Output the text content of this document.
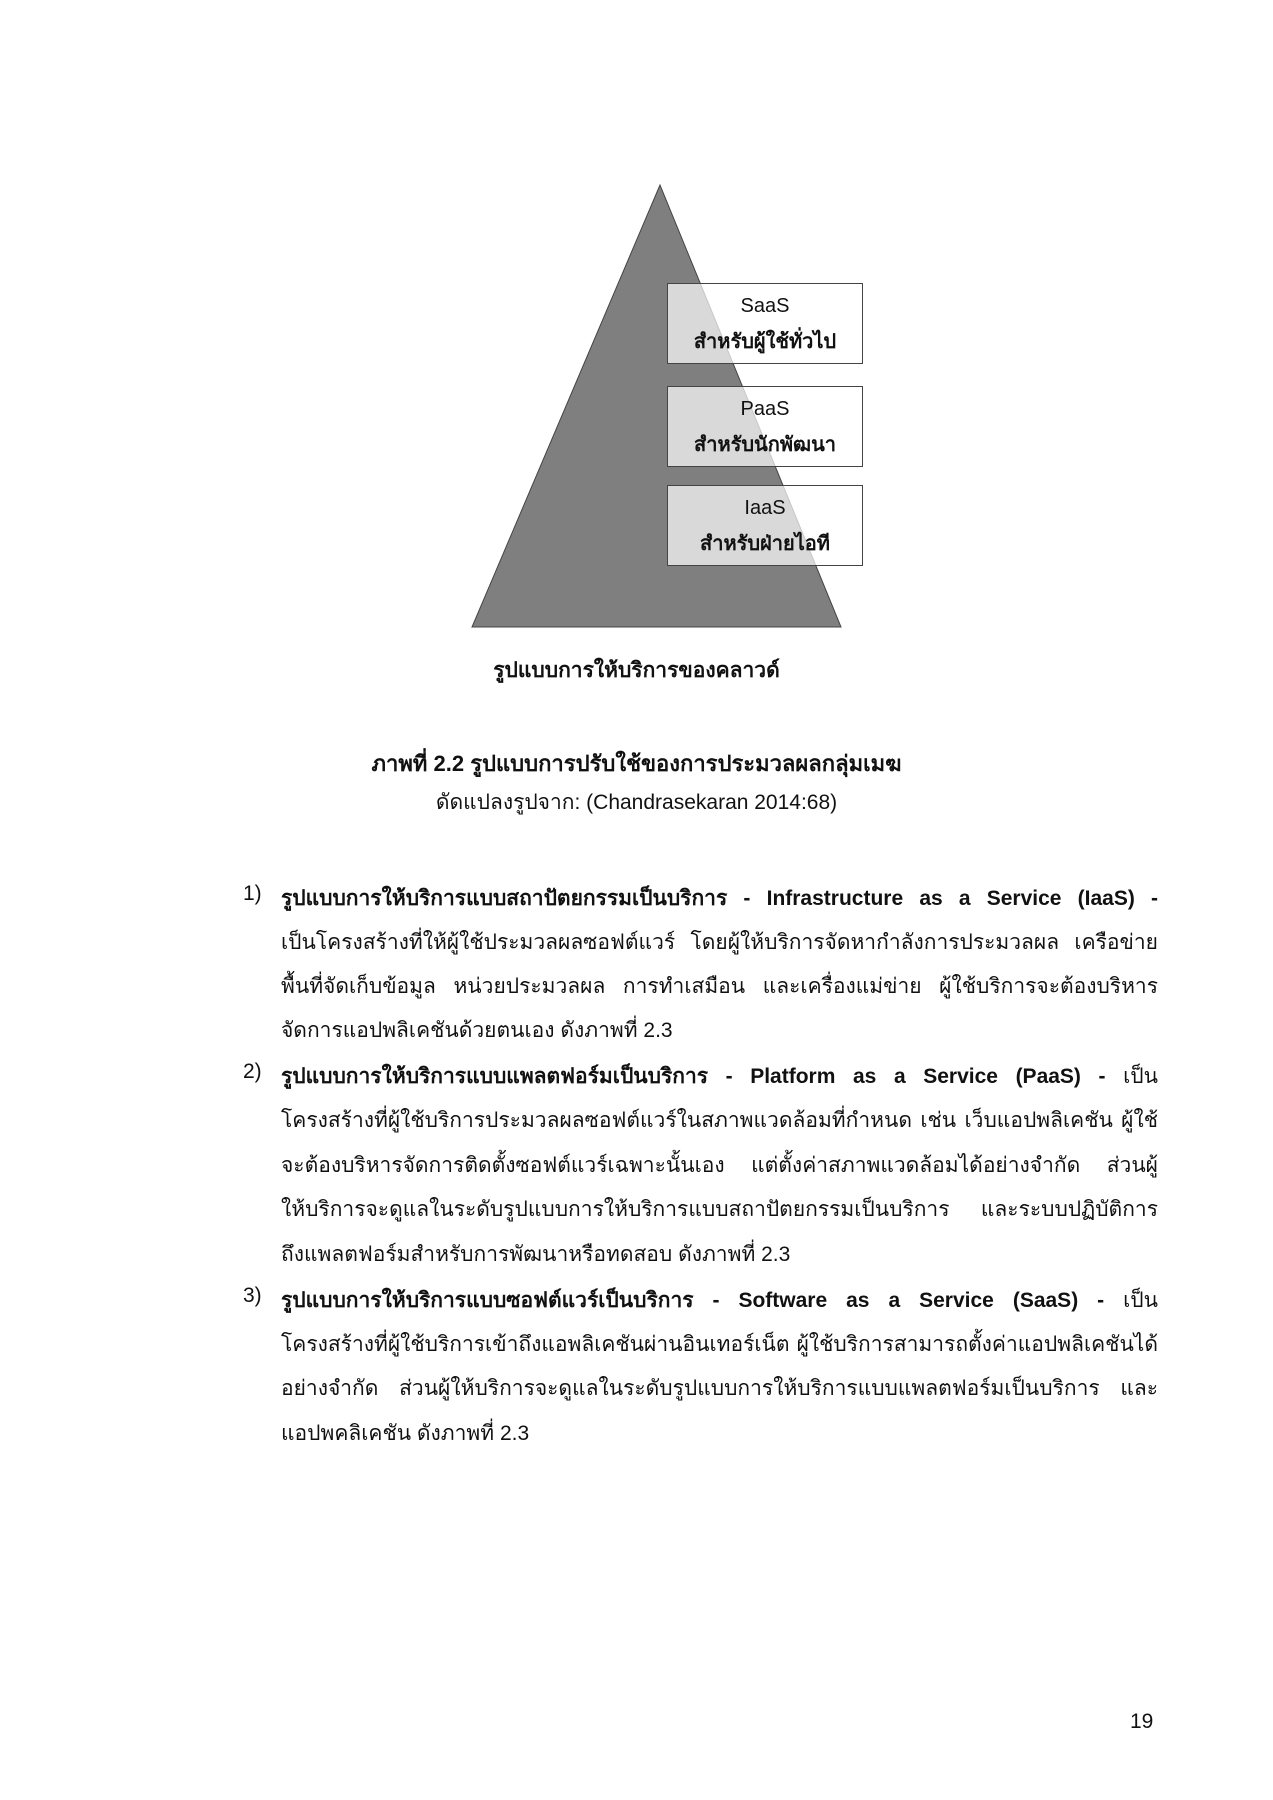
SaaS
สำหรับผู้ใช้ทั่วไป
PaaS
สำหรับนักพัฒนา
IaaS
สำหรับฝ่ายไอที
รูปแบบการให้บริการของคลาวด์
ภาพที่ 2.2 รูปแบบการปรับใช้ของการประมวลผลกลุ่มเมฆ
ดัดแปลงรูปจาก: (Chandrasekaran 2014:68)
1) รูปแบบการให้บริการแบบสถาปัตยกรรมเป็นบริการ - Infrastructure as a Service (IaaS) -
เป็นโครงสร้างที่ให้ผู้ใช้ประมวลผลซอฟต์แวร์ โดยผู้ให้บริการจัดหากำลังการประมวลผล เครือข่าย
พื้นที่จัดเก็บข้อมูล หน่วยประมวลผล การทำเสมือน และเครื่องแม่ข่าย ผู้ใช้บริการจะต้องบริหาร
จัดการแอปพลิเคชันด้วยตนเอง ดังภาพที่ 2.3
2) รูปแบบการให้บริการแบบแพลตฟอร์มเป็นบริการ - Platform as a Service (PaaS) - เป็น
โครงสร้างที่ผู้ใช้บริการประมวลผลซอฟต์แวร์ในสภาพแวดล้อมที่กำหนด เช่น เว็บแอปพลิเคชัน ผู้ใช้
จะต้องบริหารจัดการติดตั้งซอฟต์แวร์เฉพาะนั้นเอง แต่ตั้งค่าสภาพแวดล้อมได้อย่างจำกัด ส่วนผู้
ให้บริการจะดูแลในระดับรูปแบบการให้บริการแบบสถาปัตยกรรมเป็นบริการ และระบบปฏิบัติการ
ถึงแพลตฟอร์มสำหรับการพัฒนาหรือทดสอบ ดังภาพที่ 2.3
3) รูปแบบการให้บริการแบบซอฟต์แวร์เป็นบริการ - Software as a Service (SaaS) - เป็น
โครงสร้างที่ผู้ใช้บริการเข้าถึงแอพลิเคชันผ่านอินเทอร์เน็ต ผู้ใช้บริการสามารถตั้งค่าแอปพลิเคชันได้
อย่างจำกัด ส่วนผู้ให้บริการจะดูแลในระดับรูปแบบการให้บริการแบบแพลตฟอร์มเป็นบริการ และ
แอปพคลิเคชัน ดังภาพที่ 2.3
19
